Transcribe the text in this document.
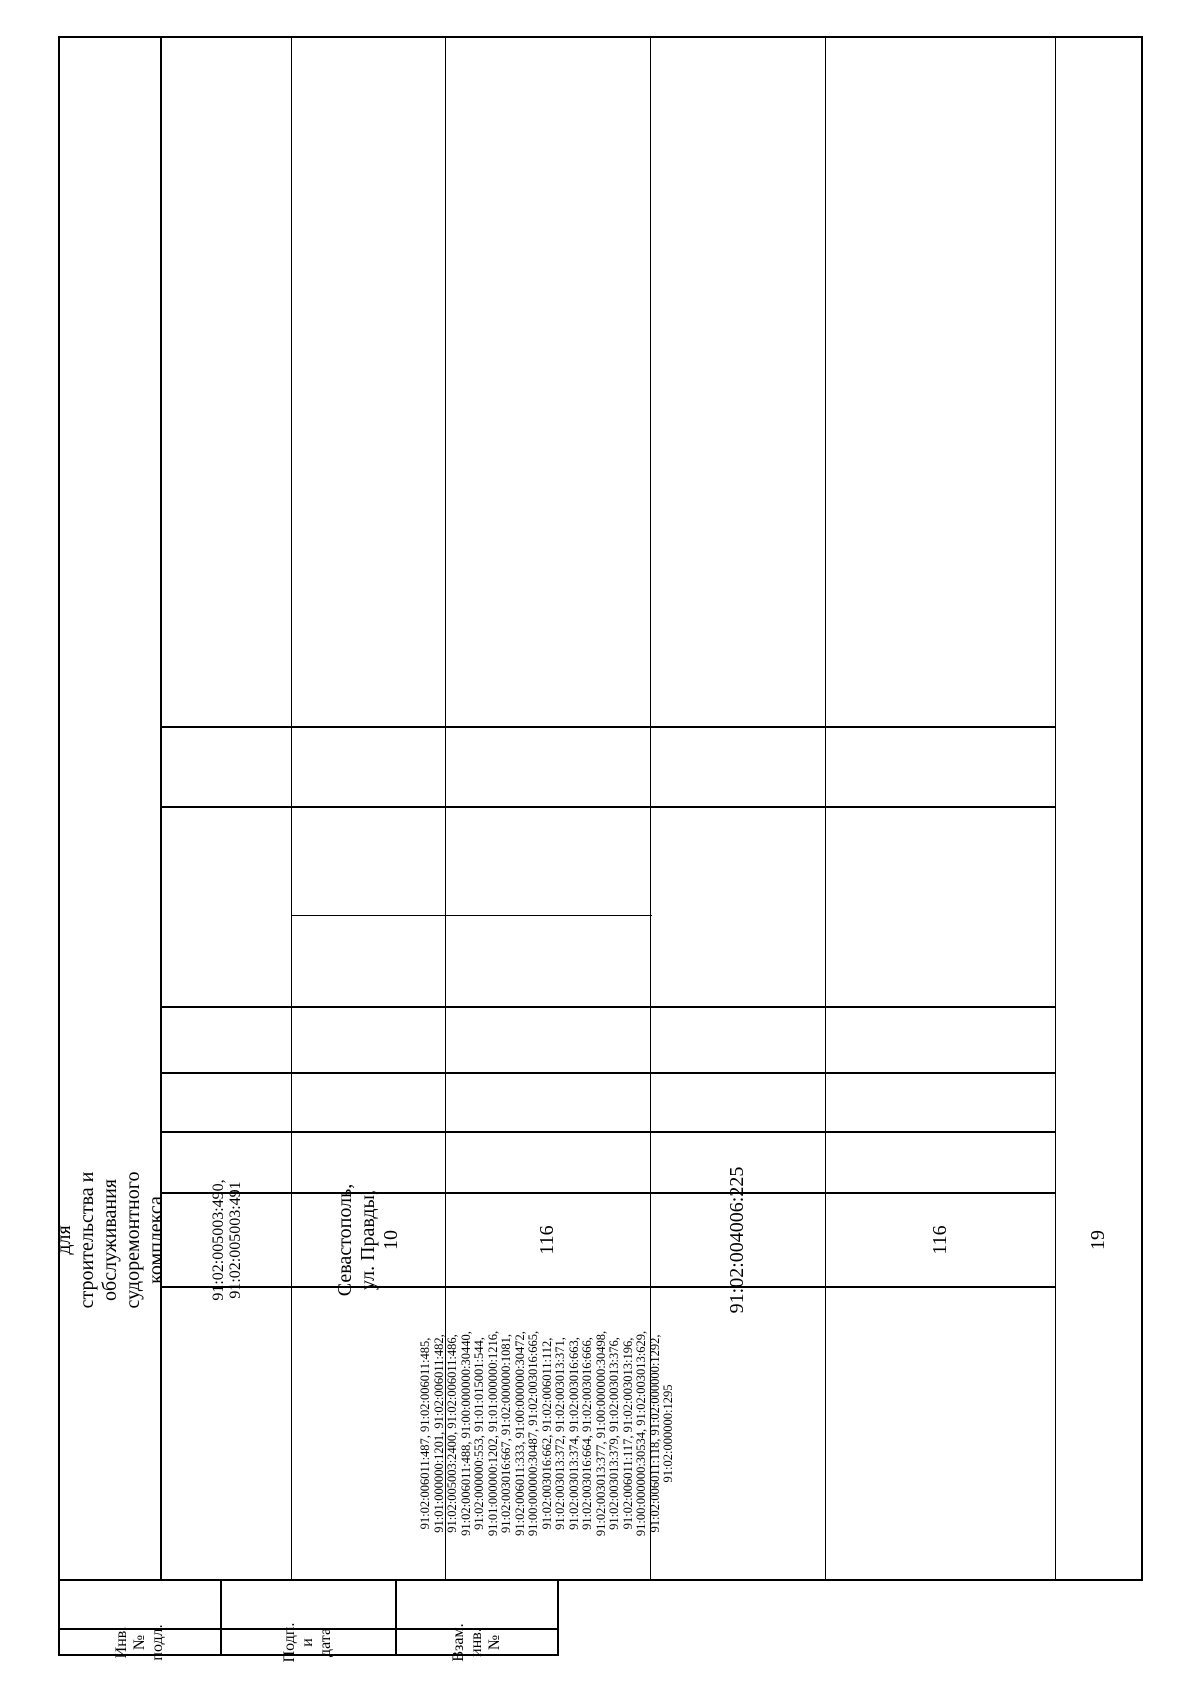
Инв. № подл.	Подп. и дата	Взам. инв. №
91:02:006011:487, 91:02:006011:485, 91:01:000000:1201, 91:02:006011:482, 91:02:005003:2400, 91:02:006011:486, 91:02:006011:488, 91:00:000000:30440, 91:02:000000:553, 91:01:015001:544, 91:01:000000:1202, 91:01:000000:1216, 91:02:003016:667, 91:02:000000:1081, 91:02:006011:333, 91:00:000000:30472, 91:00:000000:30487, 91:02:003016:665, 91:02:003016:662, 91:02:006011:112, 91:02:003013:372, 91:02:003013:371, 91:02:003013:374, 91:02:003016:663, 91:02:003016:664, 91:02:003016:666, 91:02:003013:377, 91:00:000000:30498, 91:02:003013:379, 91:02:003013:376, 91:02:006011:117, 91:02:003013:196, 91:00:000000:30534, 91:02:003013:629, 91:02:006011:118, 91:02:000000:1292, 91:02:000000:1295
19
116
91:02:004006:225
116
Севастополь, ул. Правды, 10
91:02:005003:490, 91:02:005003:491
для строительства и обслуживания судоремонтного комплекса
